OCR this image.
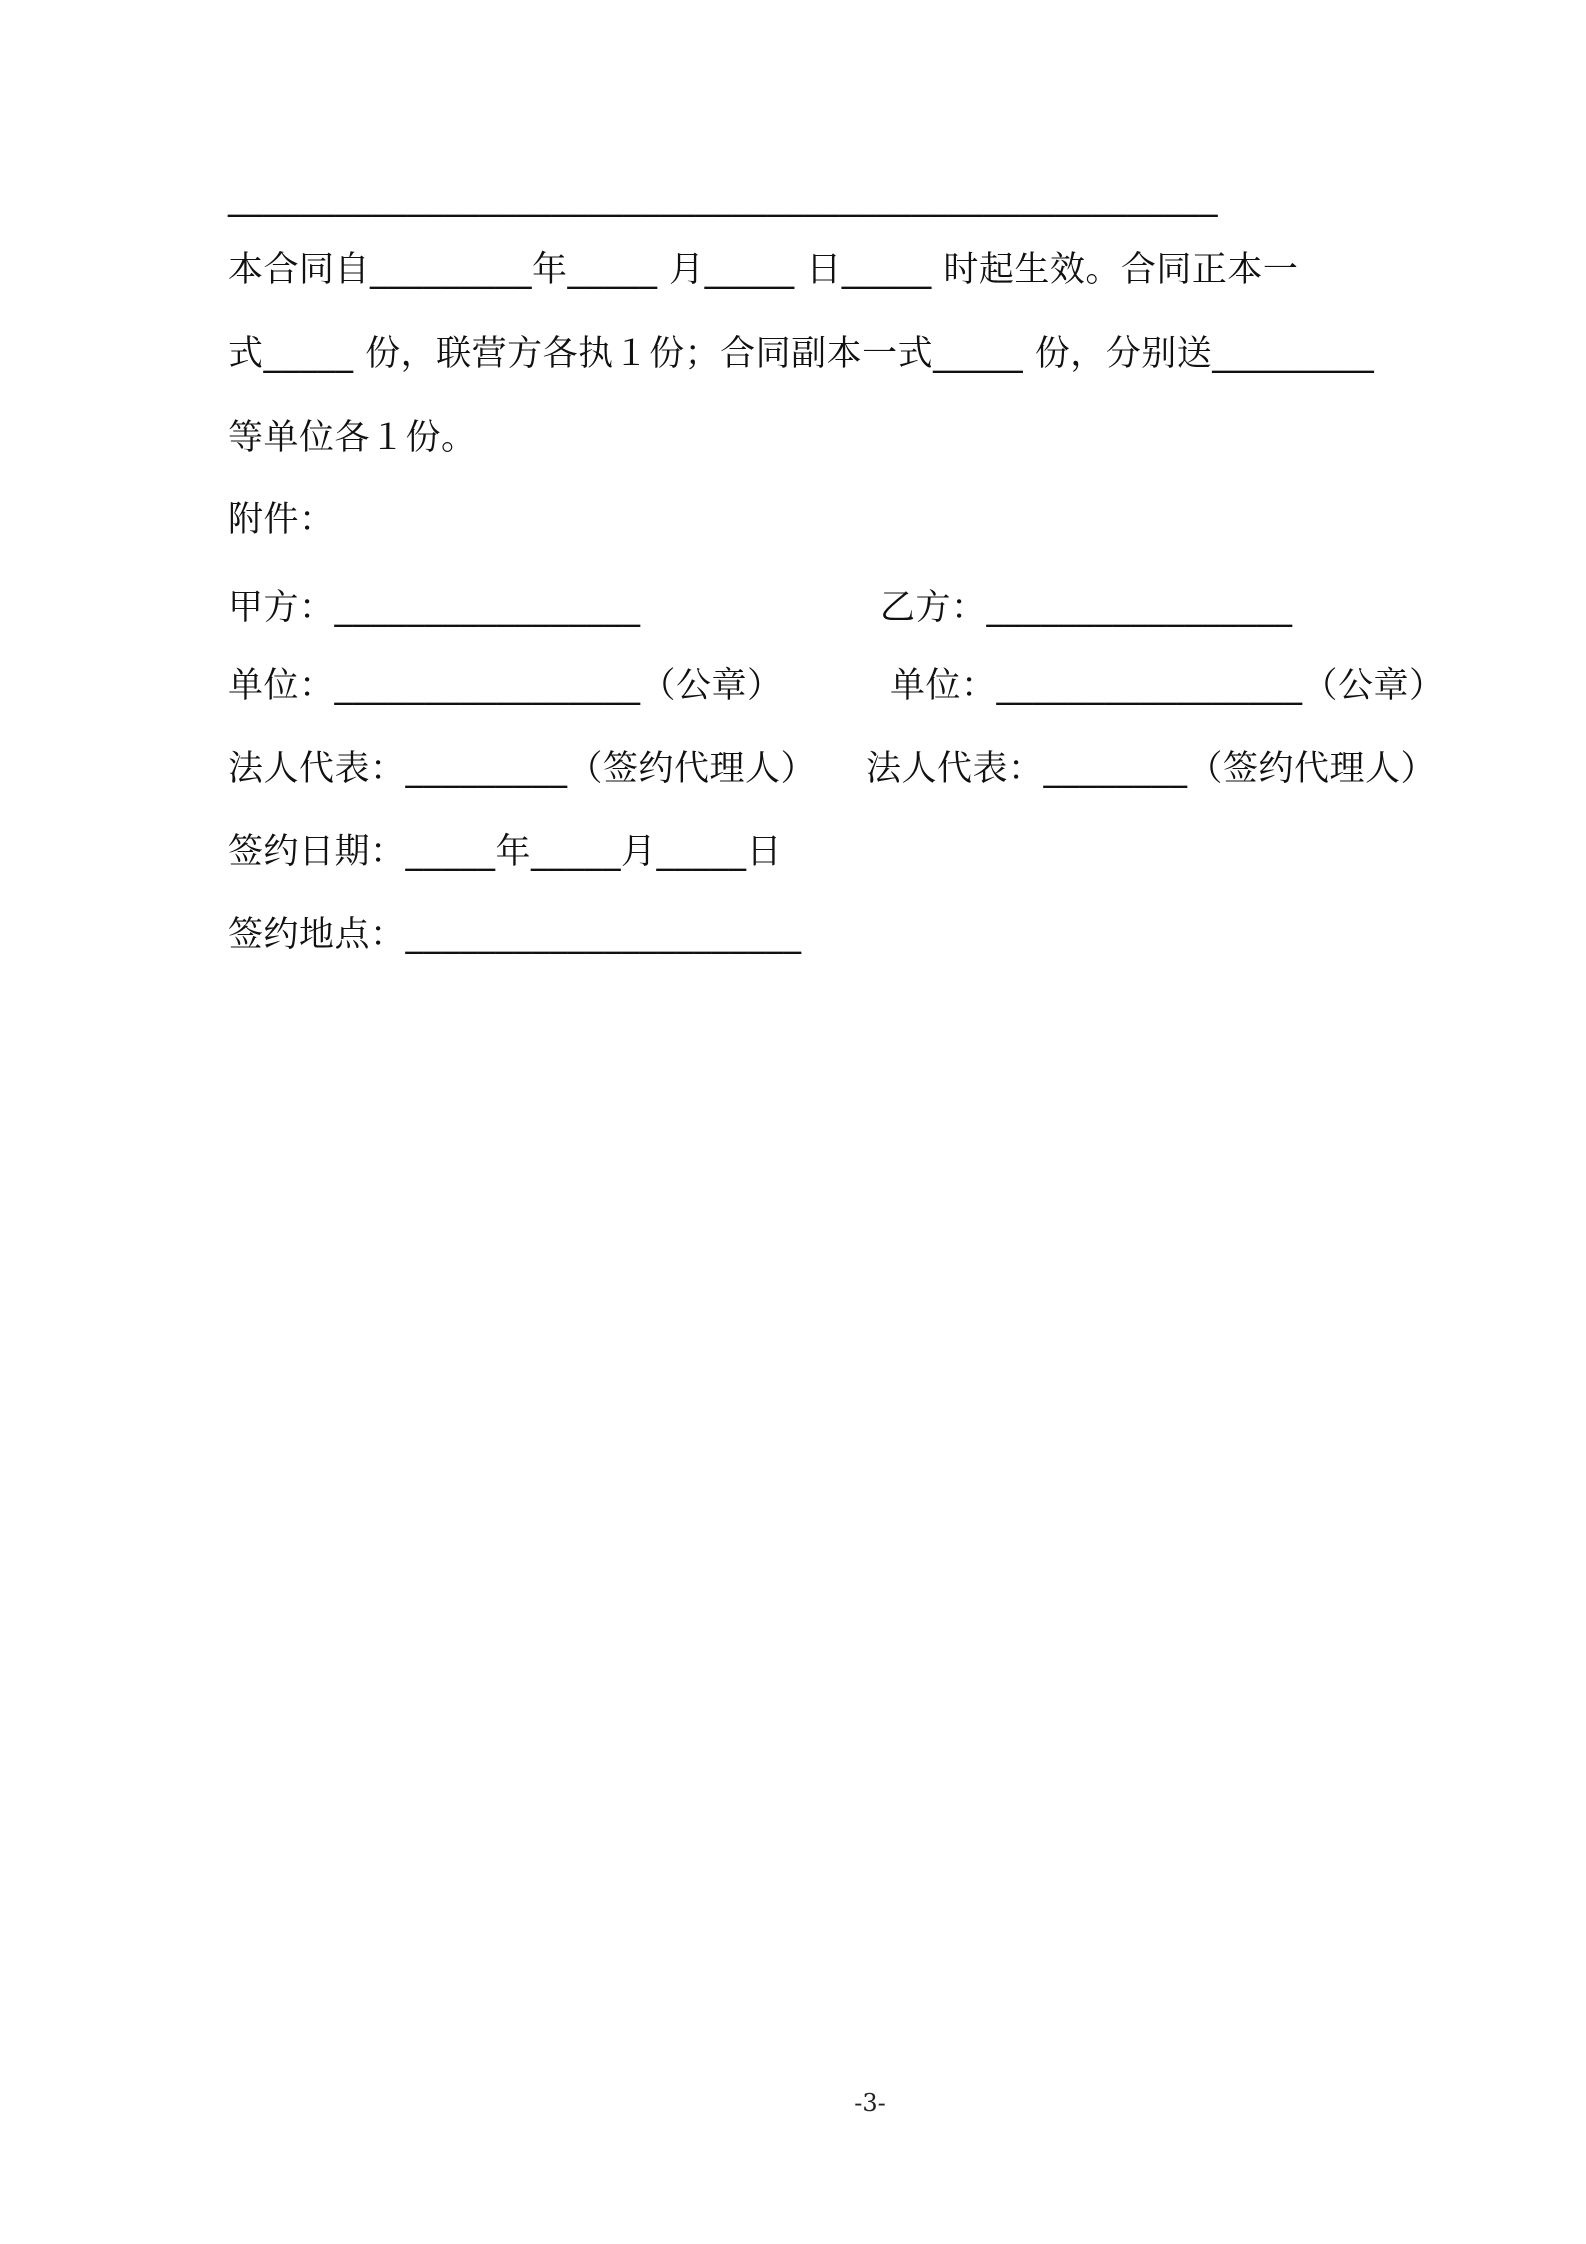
_______________________________________________________
本合同自_________年_____ 月_____ 日_____ 时起生效。合同正本一
式_____ 份，联营方各执１份；合同副本一式_____ 份，分别送_________
等单位各１份。
附件：
甲方：_________________	乙方：_________________
单位：_________________（公章）	单位：_________________（公章）
法人代表：_________（签约代理人） 法人代表：________（签约代理人）
签约日期：_____年_____月_____日
签约地点：______________________
-3-
